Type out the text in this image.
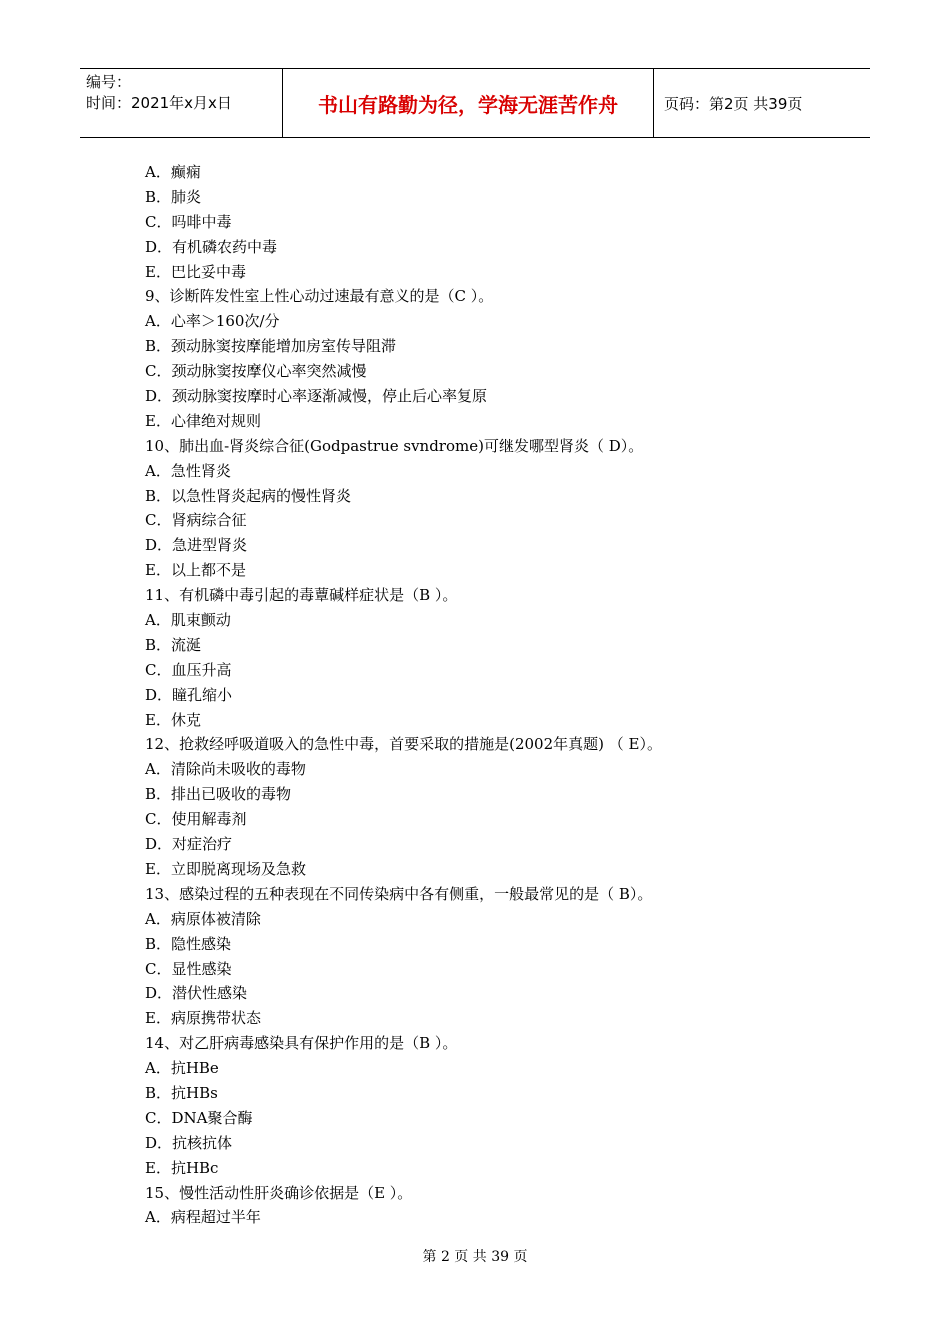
编号：
时间：2021年x月x日	书山有路勤为径，学海无涯苦作舟	页码：第2页 共39页
A．癫痫
B．肺炎
C．吗啡中毒
D．有机磷农药中毒
E．巴比妥中毒
9、诊断阵发性室上性心动过速最有意义的是（C ）。
A．心率＞160次/分
B．颈动脉窦按摩能增加房室传导阻滞
C．颈动脉窦按摩仪心率突然减慢
D．颈动脉窦按摩时心率逐渐减慢，停止后心率复原
E．心律绝对规则
10、肺出血-肾炎综合征(Godpastrue svndrome)可继发哪型肾炎（ D）。
A．急性肾炎
B．以急性肾炎起病的慢性肾炎
C．肾病综合征
D．急进型肾炎
E．以上都不是
11、有机磷中毒引起的毒蕈碱样症状是（B ）。
A．肌束颤动
B．流涎
C．血压升高
D．瞳孔缩小
E．休克
12、抢救经呼吸道吸入的急性中毒，首要采取的措施是(2002年真题) （ E）。
A．清除尚未吸收的毒物
B．排出已吸收的毒物
C．使用解毒剂
D．对症治疗
E．立即脱离现场及急救
13、感染过程的五种表现在不同传染病中各有侧重，一般最常见的是（ B）。
A．病原体被清除
B．隐性感染
C．显性感染
D．潜伏性感染
E．病原携带状态
14、对乙肝病毒感染具有保护作用的是（B ）。
A．抗HBe
B．抗HBs
C．DNA聚合酶
D．抗核抗体
E．抗HBc
15、慢性活动性肝炎确诊依据是（E ）。
A．病程超过半年
第 2 页 共 39 页
